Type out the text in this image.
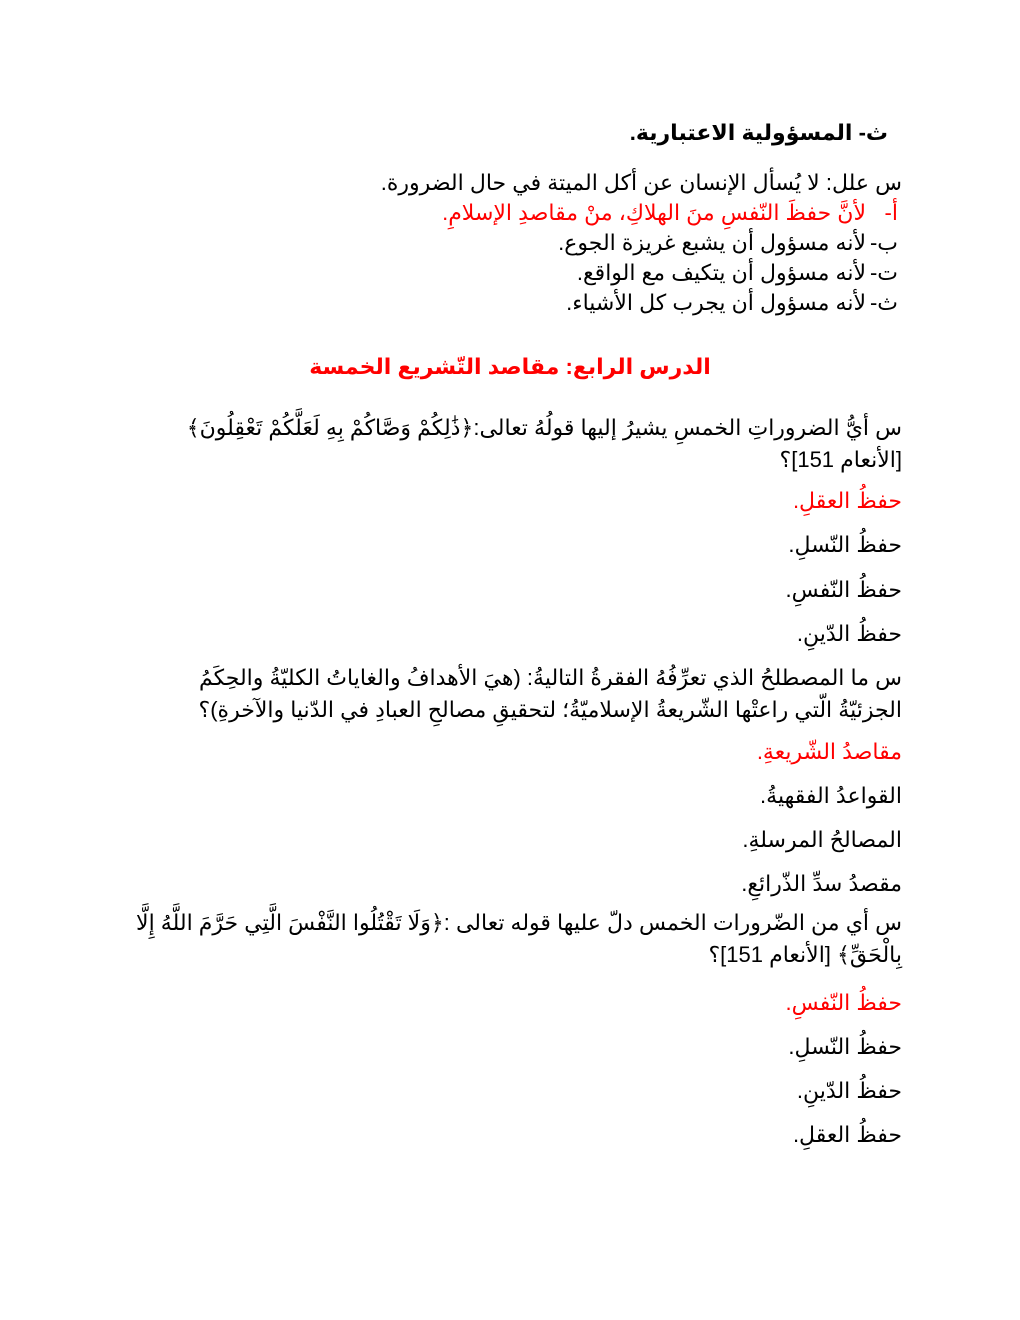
ث- المسؤولية الاعتبارية.
س علل: لا يُسأل الإنسان عن أكل الميتة في حال الضرورة.
أ-لأنَّ حفظَ النّفسِ منَ الهلاكِ، منْ مقاصدِ الإسلامِ.
ب-لأنه مسؤول أن يشبع غريزة الجوع.
ت-لأنه مسؤول أن يتكيف مع الواقع.
ث-لأنه مسؤول أن يجرب كل الأشياء.
الدرس الرابع: مقاصد التّشريع الخمسة
س أيُّ الضروراتِ الخمسِ يشيرُ إليها قولُهُ تعالى:﴿ذَٰلِكُمْ وَصَّاكُمْ بِهِ لَعَلَّكُمْ تَعْقِلُونَ﴾ [الأنعام 151]؟
حفظُ العقلِ.
حفظُ النّسلِ.
حفظُ النّفسِ.
حفظُ الدّينِ.
س ما المصطلحُ الذي تعرِّفُهُ الفقرةُ التاليةُ: (هيَ الأهدافُ والغاياتُ الكليّةُ والحِكَمُ الجزئيّةُ الّتي راعتْها الشّريعةُ الإسلاميّةُ؛ لتحقيقِ مصالحِ العبادِ في الدّنيا والآخرةِ)؟
مقاصدُ الشّريعةِ.
القواعدُ الفقهيةُ.
المصالحُ المرسلةِ.
مقصدُ سدِّ الذّرائعِ.
س أي من الضّرورات الخمس دلّ عليها قوله تعالى :﴿وَلَا تَقْتُلُوا النَّفْسَ الَّتِي حَرَّمَ اللَّهُ إِلَّا بِالْحَقِّ﴾ [الأنعام 151]؟
حفظُ النّفسِ.
حفظُ النّسلِ.
حفظُ الدّينِ.
حفظُ العقلِ.
